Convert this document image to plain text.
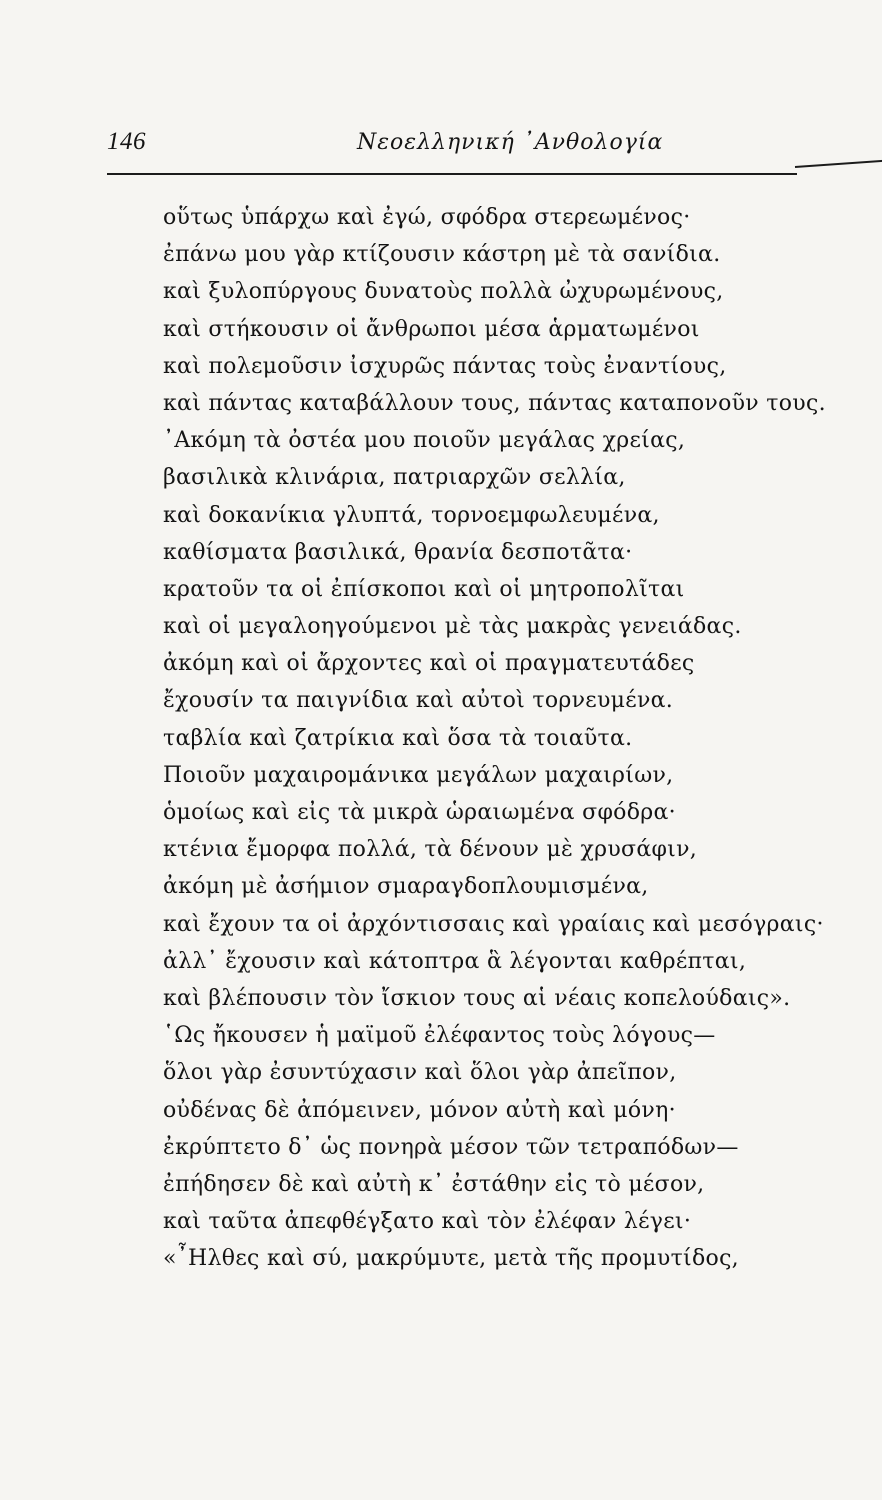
146	Νεοελληνική ᾿Ανθολογία
οὕτως ὑπάρχω καὶ ἐγώ, σφόδρα στερεωμένος·
ἐπάνω μου γὰρ κτίζουσιν κάστρη μὲ τὰ σανίδια.
καὶ ξυλοπύργους δυνατοὺς πολλὰ ὠχυρωμένους,
καὶ στήκουσιν οἱ ἄνθρωποι μέσα ἁρματωμένοι
καὶ πολεμοῦσιν ἰσχυρῶς πάντας τοὺς ἐναντίους,
καὶ πάντας καταβάλλουν τους, πάντας καταπονοῦν τους.
᾿Ακόμη τὰ ὀστέα μου ποιοῦν μεγάλας χρείας,
βασιλικὰ κλινάρια, πατριαρχῶν σελλία,
καὶ δοκανίκια γλυπτά, τορνοεμφωλευμένα,
καθίσματα βασιλικά, θρανία δεσποτᾶτα·
κρατοῦν τα οἱ ἐπίσκοποι καὶ οἱ μητροπολῖται
καὶ οἱ μεγαλοηγούμενοι μὲ τὰς μακρὰς γενειάδας.
ἀκόμη καὶ οἱ ἄρχοντες καὶ οἱ πραγματευτάδες
ἔχουσίν τα παιγνίδια καὶ αὐτοὶ τορνευμένα.
ταβλία καὶ ζατρίκια καὶ ὅσα τὰ τοιαῦτα.
Ποιοῦν μαχαιρομάνικα μεγάλων μαχαιρίων,
ὁμοίως καὶ εἰς τὰ μικρὰ ὡραιωμένα σφόδρα·
κτένια ἔμορφα πολλά, τὰ δένουν μὲ χρυσάφιν,
ἀκόμη μὲ ἀσήμιον σμαραγδοπλουμισμένα,
καὶ ἔχουν τα οἱ ἀρχόντισσαις καὶ γραίαις καὶ μεσόγραις·
ἀλλ᾿ ἔχουσιν καὶ κάτοπτρα ἃ λέγονται καθρέπται,
καὶ βλέπουσιν τὸν ἴσκιον τους αἱ νέαις κοπελούδαις».
῾Ως ἤκουσεν ἡ μαϊμοῦ ἐλέφαντος τοὺς λόγους—
ὅλοι γὰρ ἐσυντύχασιν καὶ ὅλοι γὰρ ἀπεῖπον,
οὐδένας δὲ ἀπόμεινεν, μόνον αὐτὴ καὶ μόνη·
ἐκρύπτετο δ᾿ ὡς πονηρὰ μέσον τῶν τετραπόδων—
ἐπήδησεν δὲ καὶ αὐτὴ κ᾿ ἐστάθην εἰς τὸ μέσον,
καὶ ταῦτα ἀπεφθέγξατο καὶ τὸν ἐλέφαν λέγει·
«῏Ηλθες καὶ σύ, μακρύμυτε, μετὰ τῆς προμυτίδος,
